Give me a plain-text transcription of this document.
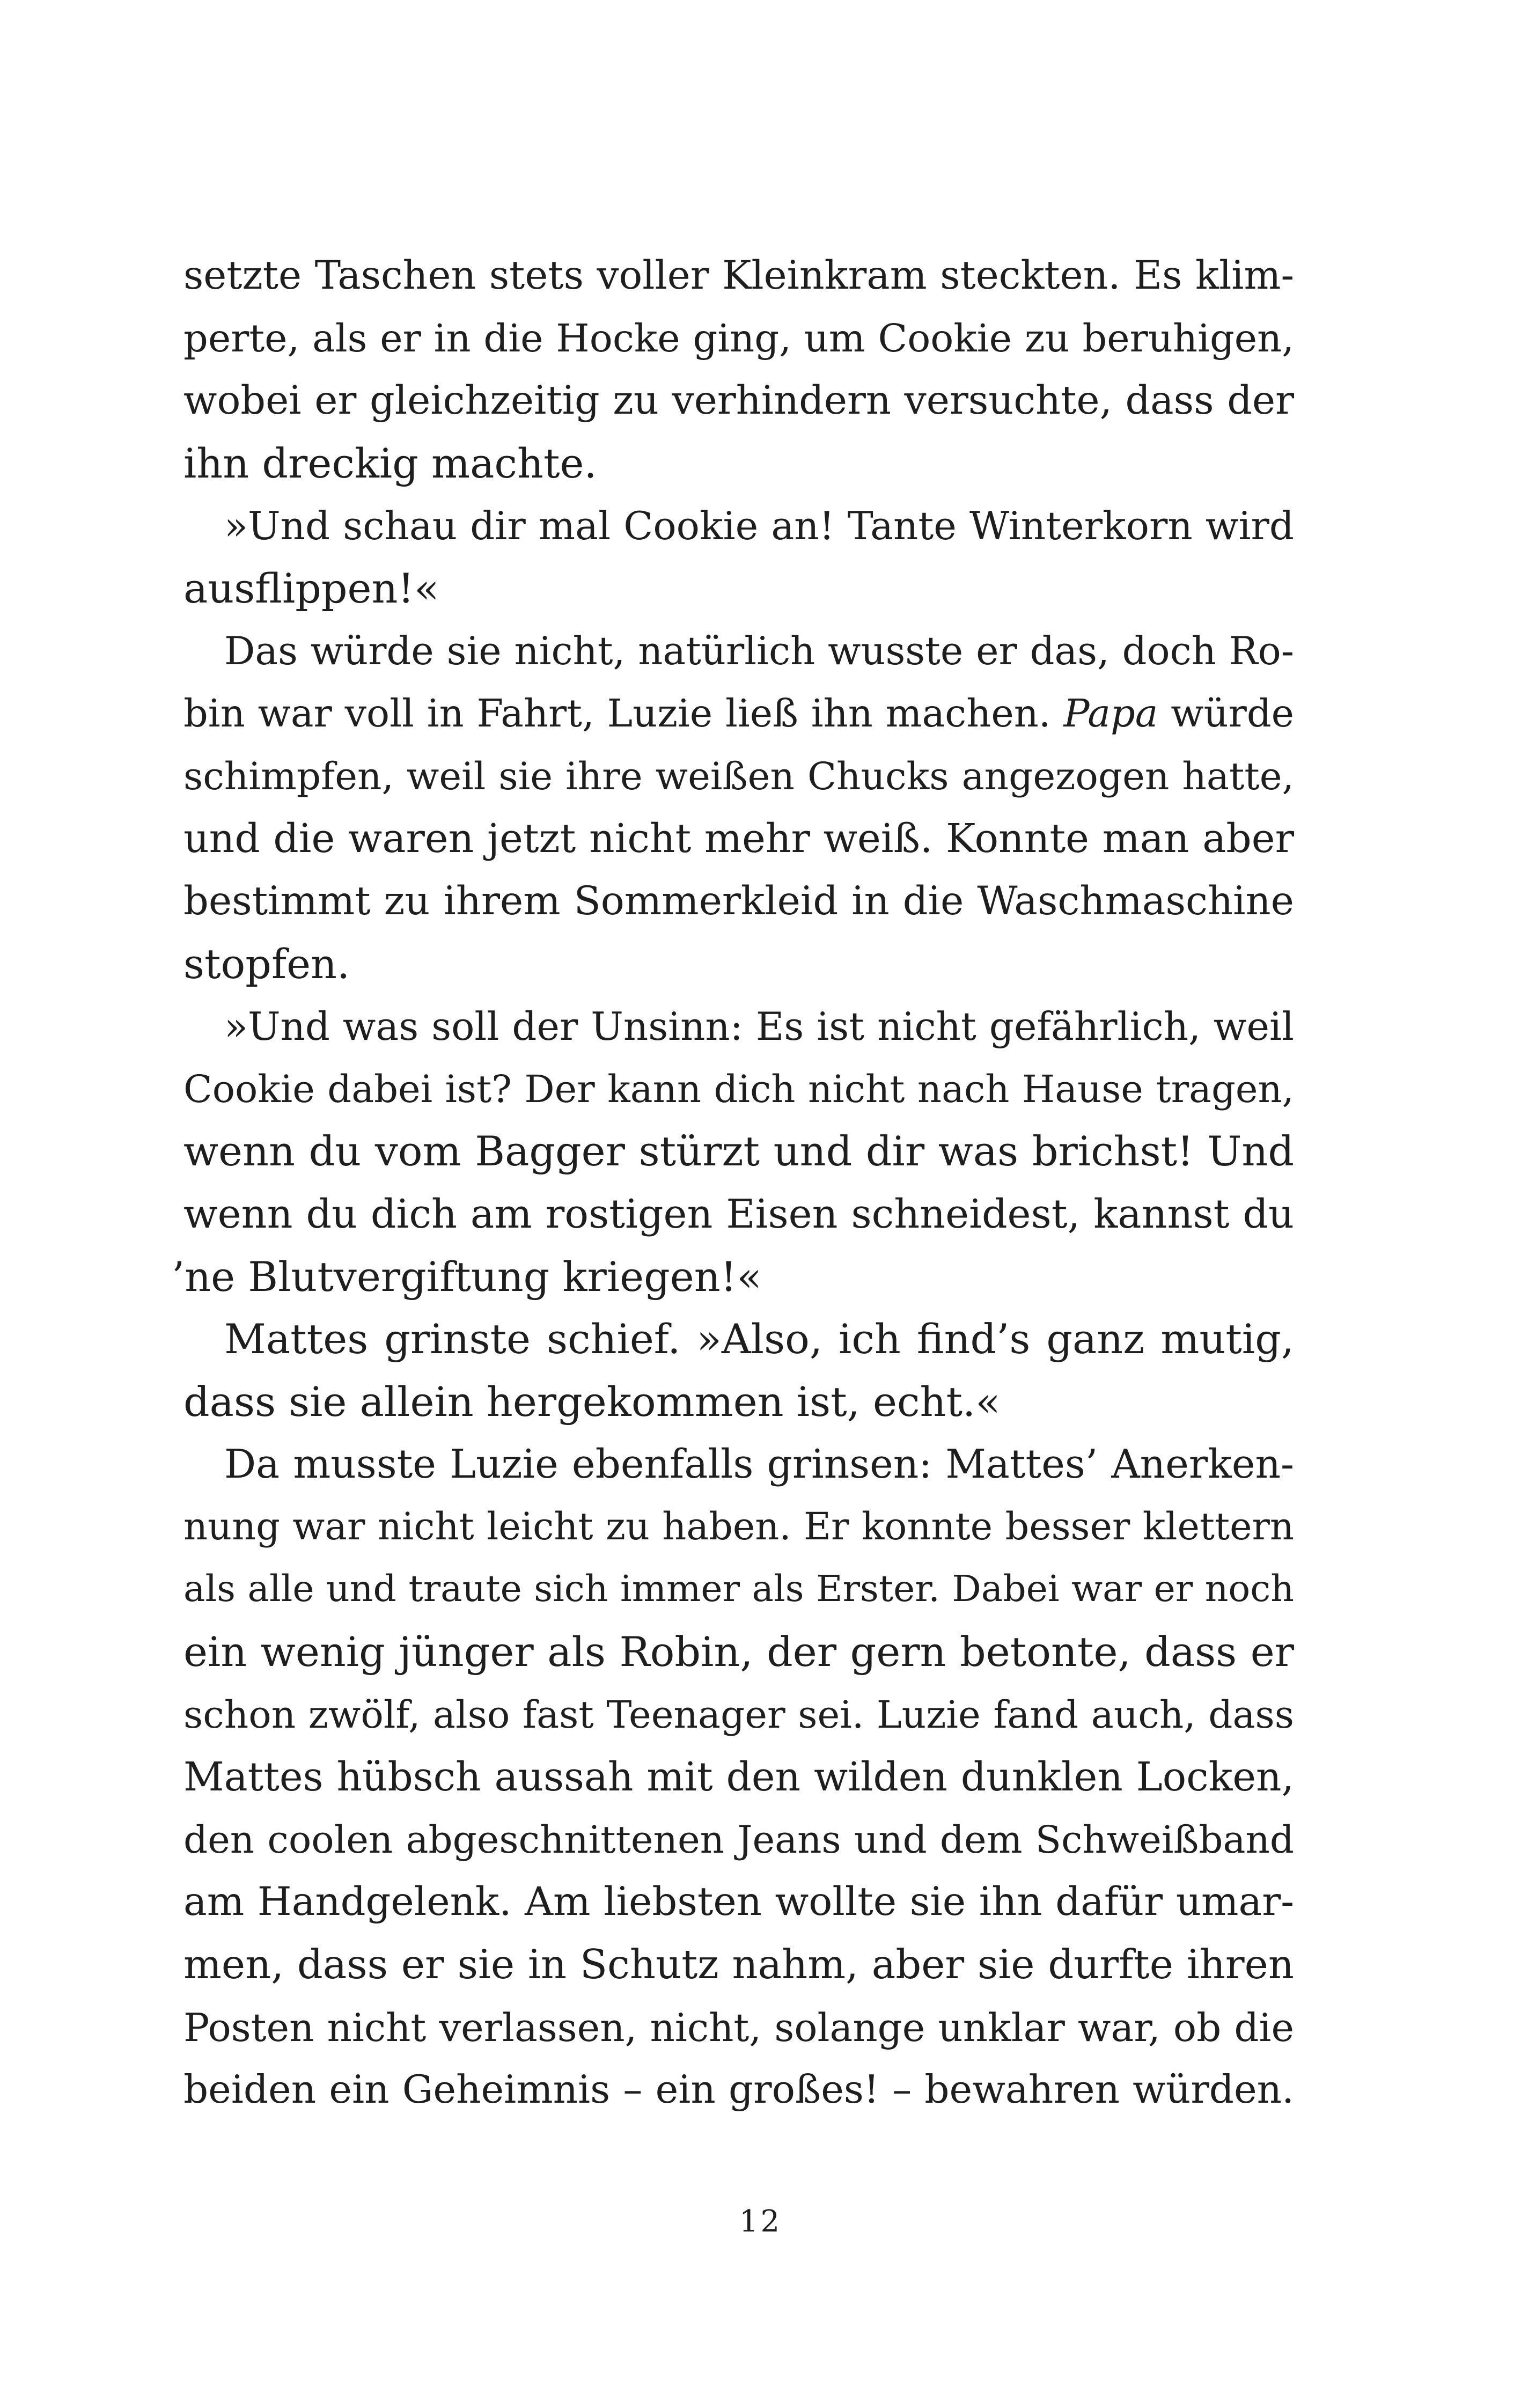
setzte Taschen stets voller Kleinkram steckten. Es klim-
perte, als er in die Hocke ging, um Cookie zu beruhigen,
wobei er gleichzeitig zu verhindern versuchte, dass der
ihn dreckig machte.
»Und schau dir mal Cookie an! Tante Winterkorn wird
ausflippen!«
Das würde sie nicht, natürlich wusste er das, doch Ro-
bin war voll in Fahrt, Luzie ließ ihn machen. Papa würde
schimpfen, weil sie ihre weißen Chucks angezogen hatte,
und die waren jetzt nicht mehr weiß. Konnte man aber
bestimmt zu ihrem Sommerkleid in die Waschmaschine
stopfen.
»Und was soll der Unsinn: Es ist nicht gefährlich, weil
Cookie dabei ist? Der kann dich nicht nach Hause tragen,
wenn du vom Bagger stürzt und dir was brichst! Und
wenn du dich am rostigen Eisen schneidest, kannst du
’ne Blutvergiftung kriegen!«
Mattes grinste schief. »Also, ich find’s ganz mutig,
dass sie allein hergekommen ist, echt.«
Da musste Luzie ebenfalls grinsen: Mattes’ Anerken-
nung war nicht leicht zu haben. Er konnte besser klettern
als alle und traute sich immer als Erster. Dabei war er noch
ein wenig jünger als Robin, der gern betonte, dass er
schon zwölf, also fast Teenager sei. Luzie fand auch, dass
Mattes hübsch aussah mit den wilden dunklen Locken,
den coolen abgeschnittenen Jeans und dem Schweißband
am Handgelenk. Am liebsten wollte sie ihn dafür umar-
men, dass er sie in Schutz nahm, aber sie durfte ihren
Posten nicht verlassen, nicht, solange unklar war, ob die
beiden ein Geheimnis – ein großes! – bewahren würden.
12
